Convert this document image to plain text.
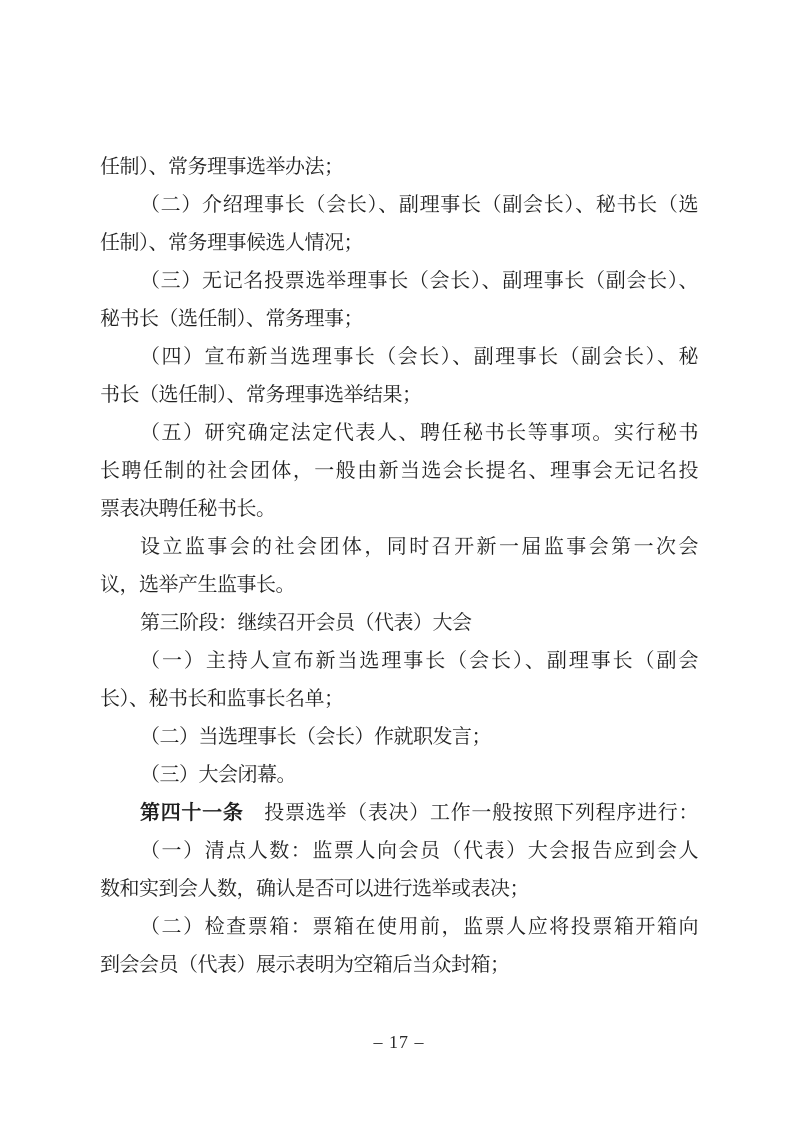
任制）、常务理事选举办法；
（二）介绍理事长（会长）、副理事长（副会长）、秘书长（选
任制）、常务理事候选人情况；
（三）无记名投票选举理事长（会长）、副理事长（副会长）、
秘书长（选任制）、常务理事；
（四）宣布新当选理事长（会长）、副理事长（副会长）、秘
书长（选任制）、常务理事选举结果；
（五）研究确定法定代表人、聘任秘书长等事项。实行秘书
长聘任制的社会团体，一般由新当选会长提名、理事会无记名投
票表决聘任秘书长。
设立监事会的社会团体，同时召开新一届监事会第一次会
议，选举产生监事长。
第三阶段：继续召开会员（代表）大会
（一）主持人宣布新当选理事长（会长）、副理事长（副会
长）、秘书长和监事长名单；
（二）当选理事长（会长）作就职发言；
（三）大会闭幕。
第四十一条　投票选举（表决）工作一般按照下列程序进行：
（一）清点人数：监票人向会员（代表）大会报告应到会人
数和实到会人数，确认是否可以进行选举或表决；
（二）检查票箱：票箱在使用前，监票人应将投票箱开箱向
到会会员（代表）展示表明为空箱后当众封箱；
– 17 –
